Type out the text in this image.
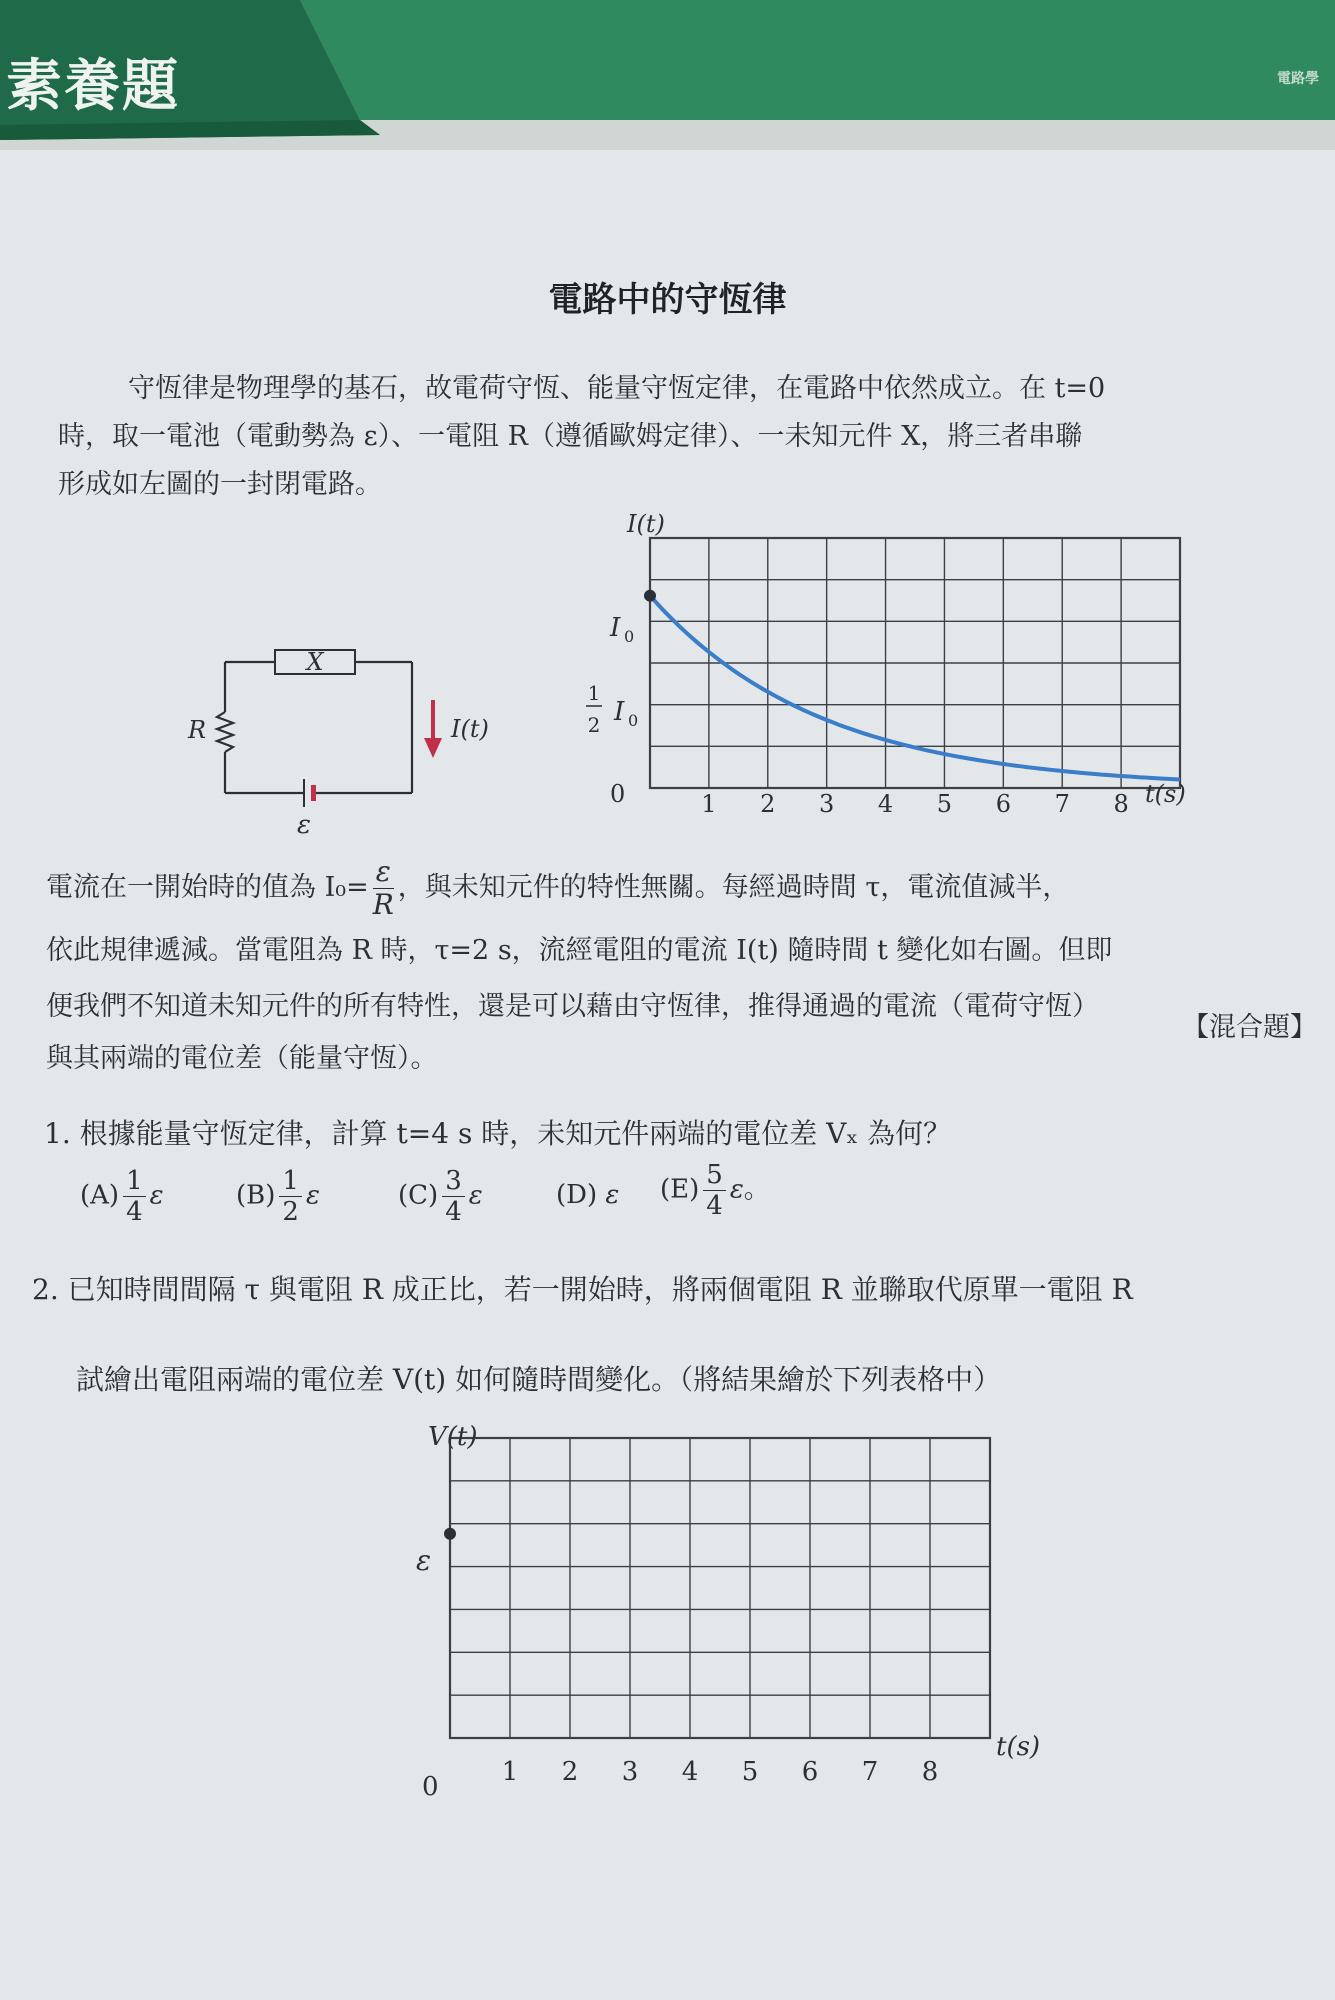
素養題	電路學
電路中的守恆律
守恆律是物理學的基石，故電荷守恆、能量守恆定律，在電路中依然成立。在 t=0
時，取一電池（電動勢為 ε）、一電阻 R（遵循歐姆定律）、一未知元件 X，將三者串聯
形成如左圖的一封閉電路。
X
R	I(t)
ε
I(t)
t(s)
0
I 0
1
2 I 0
1 2 3 4 5 6 7 8
電流在一開始時的值為 $I_0= \frac{\varepsilon}{R}$ ，與未知元件的特性無關。每經過時間 τ，電流值減半，
依此規律遞減。當電阻為 R 時，τ=2 s，流經電阻的電流 I(t) 隨時間 t 變化如右圖。但即
便我們不知道未知元件的所有特性，還是可以藉由守恆律，推得通過的電流（電荷守恆）
【混合題】
與其兩端的電位差（能量守恆）。
1. 根據能量守恆定律，計算 t=4 s 時，未知元件兩端的電位差 Vₓ 為何？
$(A) \frac{1}{4}$ ε	$(B) \frac{1}{2}$ ε	$(C) \frac{3}{4}$ ε	(D) ε $(E) \frac{5}{4}$ ε。
2. 已知時間間隔 τ 與電阻 R 成正比，若一開始時，將兩個電阻 R 並聯取代原單一電阻 R
試繪出電阻兩端的電位差 V(t) 如何隨時間變化。（將結果繪於下列表格中）
V(t)
t(s)
0
ε
1 2 3 4 5 6 7 8
